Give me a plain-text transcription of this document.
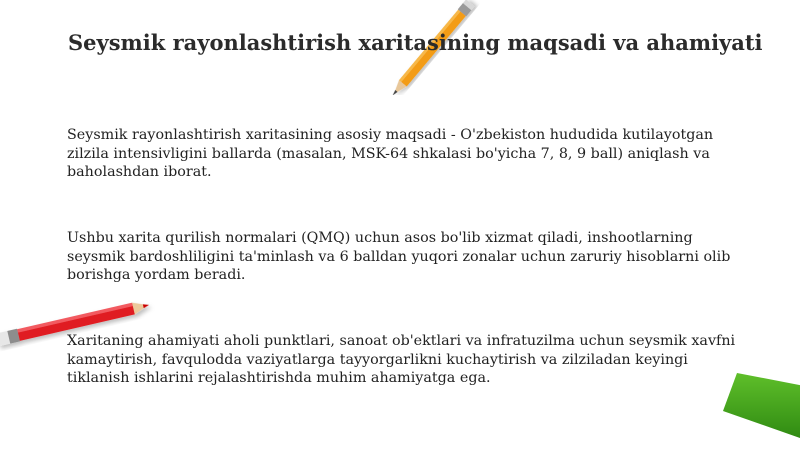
Seysmik rayonlashtirish xaritasining maqsadi va ahamiyati

Seysmik rayonlashtirish xaritasining asosiy maqsadi - O'zbekiston hududida kutilayotgan zilzila intensivligini ballarda (masalan, MSK-64 shkalasi bo'yicha 7, 8, 9 ball) aniqlash va baholashdan iborat.

Ushbu xarita qurilish normalari (QMQ) uchun asos bo'lib xizmat qiladi, inshootlarning seysmik bardoshliligini ta'minlash va 6 balldan yuqori zonalar uchun zaruriy hisoblarni olib borishga yordam beradi.

Xaritaning ahamiyati aholi punktlari, sanoat ob'ektlari va infratuzilma uchun seysmik xavfni kamaytirish, favqulodda vaziyatlarga tayyorgarlikni kuchaytirish va zilziladan keyingi tiklanish ishlarini rejalashtirishda muhim ahamiyatga ega.
